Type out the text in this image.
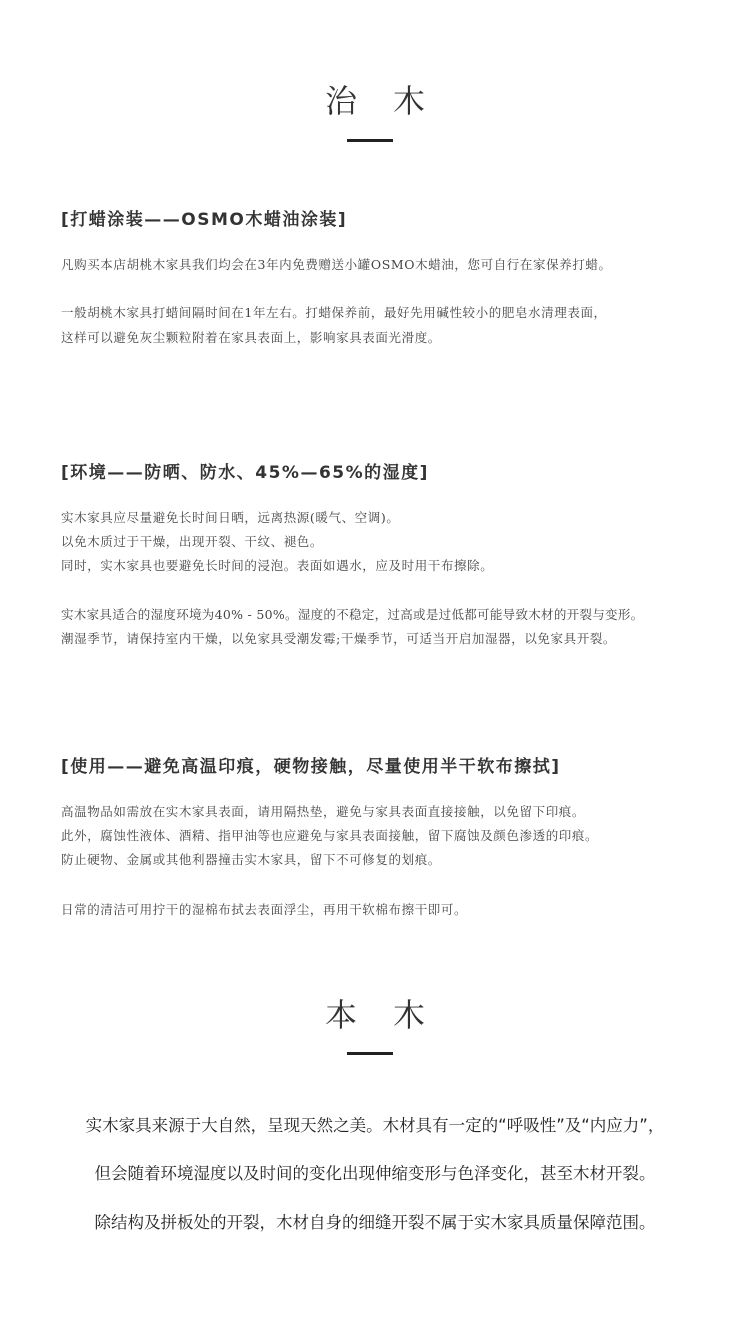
治木
[打蜡涂装——OSMO木蜡油涂装]
凡购买本店胡桃木家具我们均会在3年内免费赠送小罐OSMO木蜡油，您可自行在家保养打蜡。
一般胡桃木家具打蜡间隔时间在1年左右。打蜡保养前，最好先用碱性较小的肥皂水清理表面，
这样可以避免灰尘颗粒附着在家具表面上，影响家具表面光滑度。
[环境——防晒、防水、45%—65%的湿度]
实木家具应尽量避免长时间日晒，远离热源(暖气、空调)。
以免木质过于干燥，出现开裂、干纹、褪色。
同时，实木家具也要避免长时间的浸泡。表面如遇水，应及时用干布擦除。
实木家具适合的湿度环境为40% - 50%。湿度的不稳定，过高或是过低都可能导致木材的开裂与变形。
潮湿季节，请保持室内干燥，以免家具受潮发霉;干燥季节，可适当开启加湿器，以免家具开裂。
[使用——避免高温印痕，硬物接触，尽量使用半干软布擦拭]
高温物品如需放在实木家具表面，请用隔热垫，避免与家具表面直接接触，以免留下印痕。
此外，腐蚀性液体、酒精、指甲油等也应避免与家具表面接触，留下腐蚀及颜色渗透的印痕。
防止硬物、金属或其他利器撞击实木家具，留下不可修复的划痕。
日常的清洁可用拧干的湿棉布拭去表面浮尘，再用干软棉布擦干即可。
本木
实木家具来源于大自然，呈现天然之美。木材具有一定的“呼吸性”及“内应力”，
但会随着环境湿度以及时间的变化出现伸缩变形与色泽变化，甚至木材开裂。
除结构及拼板处的开裂，木材自身的细缝开裂不属于实木家具质量保障范围。
